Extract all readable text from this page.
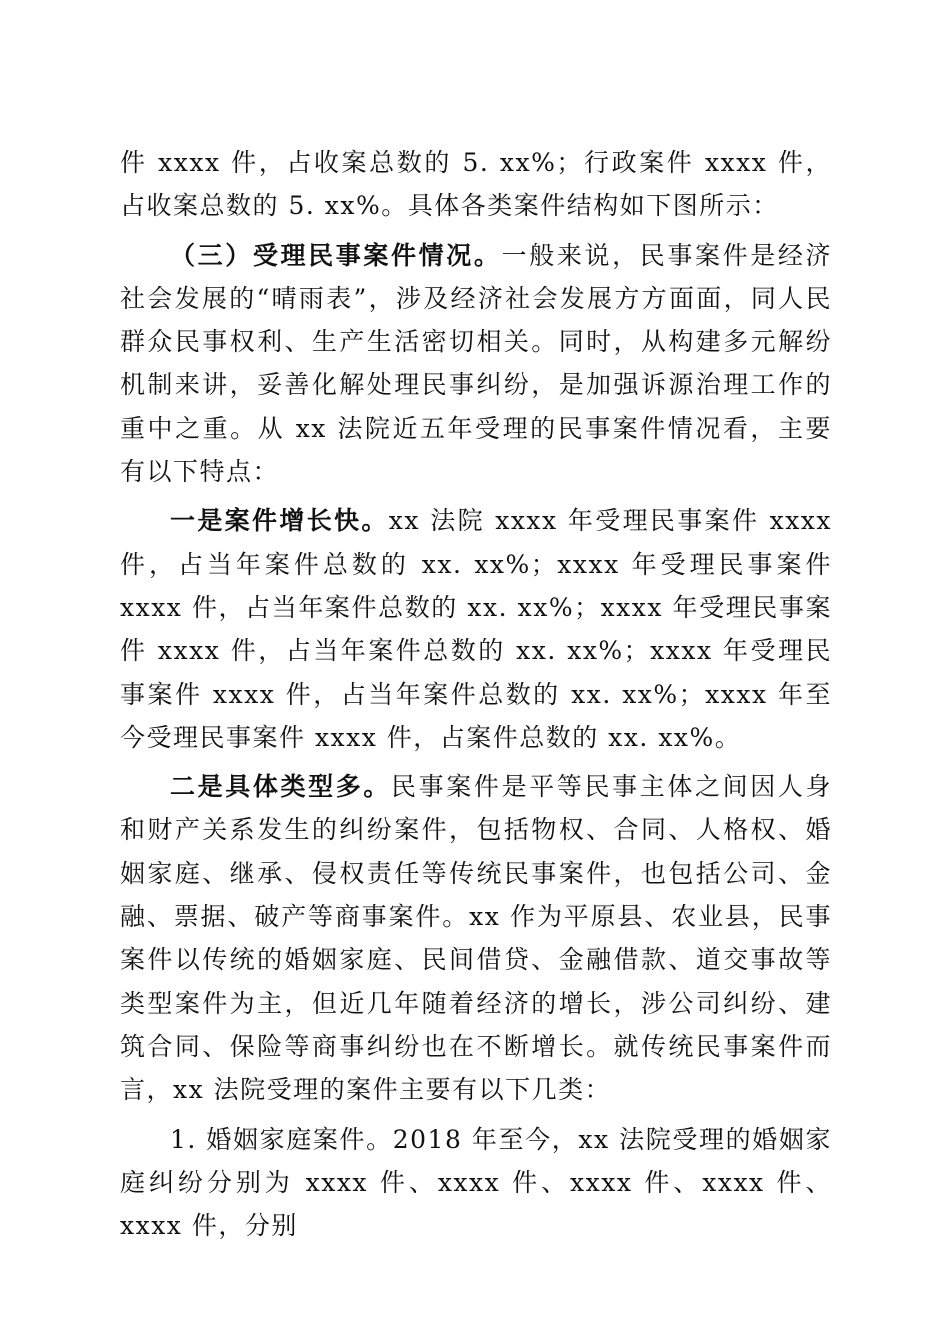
件 xxxx 件，占收案总数的 5. xx%；行政案件 xxxx 件，占收案总数的 5. xx%。具体各类案件结构如下图所示：

（三）受理民事案件情况。一般来说，民事案件是经济社会发展的“晴雨表”，涉及经济社会发展方方面面，同人民群众民事权利、生产生活密切相关。同时，从构建多元解纷机制来讲，妥善化解处理民事纠纷，是加强诉源治理工作的重中之重。从 xx 法院近五年受理的民事案件情况看，主要有以下特点：

一是案件增长快。xx 法院 xxxx 年受理民事案件 xxxx 件，占当年案件总数的 xx. xx%；xxxx 年受理民事案件 xxxx 件，占当年案件总数的 xx. xx%；xxxx 年受理民事案件 xxxx 件，占当年案件总数的 xx. xx%；xxxx 年受理民事案件 xxxx 件，占当年案件总数的 xx. xx%；xxxx 年至今受理民事案件 xxxx 件，占案件总数的 xx. xx%。

二是具体类型多。民事案件是平等民事主体之间因人身和财产关系发生的纠纷案件，包括物权、合同、人格权、婚姻家庭、继承、侵权责任等传统民事案件，也包括公司、金融、票据、破产等商事案件。xx 作为平原县、农业县，民事案件以传统的婚姻家庭、民间借贷、金融借款、道交事故等类型案件为主，但近几年随着经济的增长，涉公司纠纷、建筑合同、保险等商事纠纷也在不断增长。就传统民事案件而言，xx 法院受理的案件主要有以下几类：

1. 婚姻家庭案件。2018 年至今，xx 法院受理的婚姻家庭纠纷分别为 xxxx 件、xxxx 件、xxxx 件、xxxx 件、xxxx 件，分别
